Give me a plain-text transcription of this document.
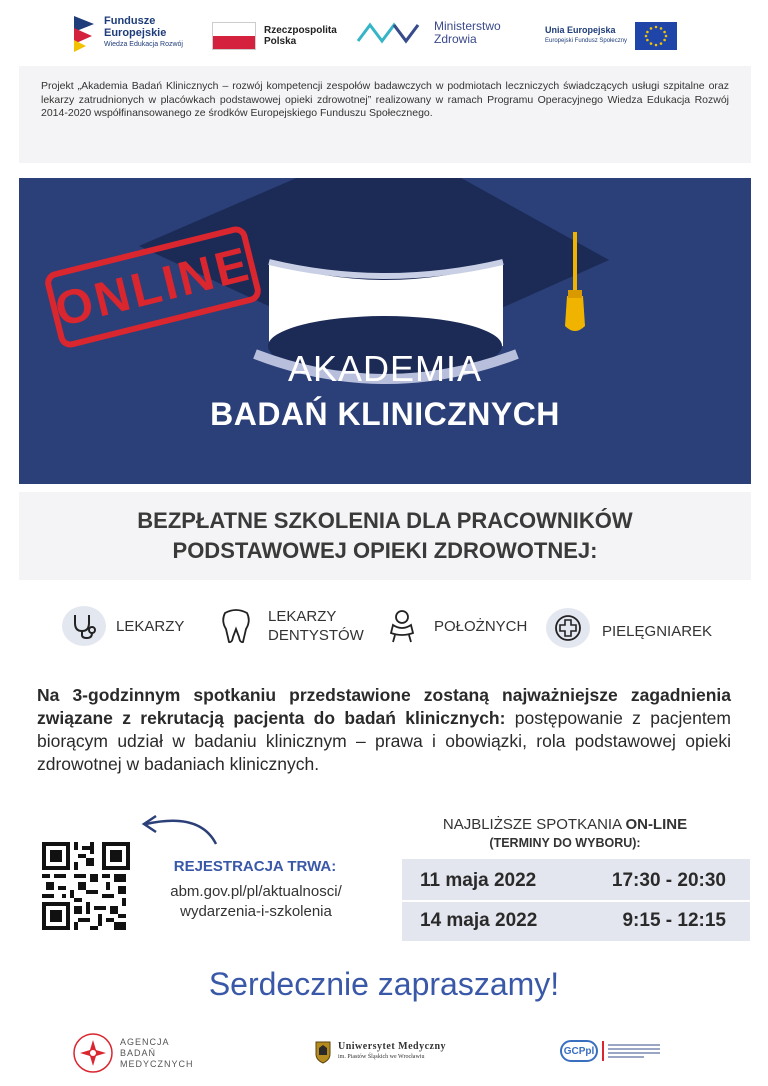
Fundusze
Europejskie
Wiedza Edukacja Rozwój
Rzeczpospolita
Polska
Ministerstwo
Zdrowia
Unia Europejska
Europejski Fundusz Społeczny

Projekt „Akademia Badań Klinicznych – rozwój kompetencji zespołów badawczych w podmiotach leczniczych świadczących usługi szpitalne oraz lekarzy zatrudnionych w placówkach podstawowej opieki zdrowotnej” realizowany w ramach Programu Operacyjnego Wiedza Edukacja Rozwój 2014-2020 współfinansowanego ze środków Europejskiego Funduszu Społecznego.

AKADEMIA
BADAŃ KLINICZNYCH
ONLINE
BEZPŁATNE SZKOLENIA DLA PRACOWNIKÓW
PODSTAWOWEJ OPIEKI ZDROWOTNEJ:
LEKARZY
LEKARZY
DENTYSTÓW
POŁOŻNYCH	PIELĘGNIAREK

Na 3-godzinnym spotkaniu przedstawione zostaną najważniejsze zagadnienia związane z rekrutacją pacjenta do badań klinicznych: postępowanie z pacjentem biorącym udział w badaniu klinicznym – prawa i obowiązki, rola podstawowej opieki zdrowotnej w badaniach klinicznych.

REJESTRACJA TRWA:
abm.gov.pl/pl/aktualnosci/
wydarzenia-i-szkolenia
NAJBLIŻSZE SPOTKANIA ON-LINE
(TERMINY DO WYBORU):
11 maja 2022	17:30 - 20:30
14 maja 2022	9:15 - 12:15
Serdecznie zapraszamy!
AGENCJA
BADAŃ
MEDYCZNYCH
Uniwersytet Medyczny
im. Piastów Śląskich we Wrocławiu
GCPpl
